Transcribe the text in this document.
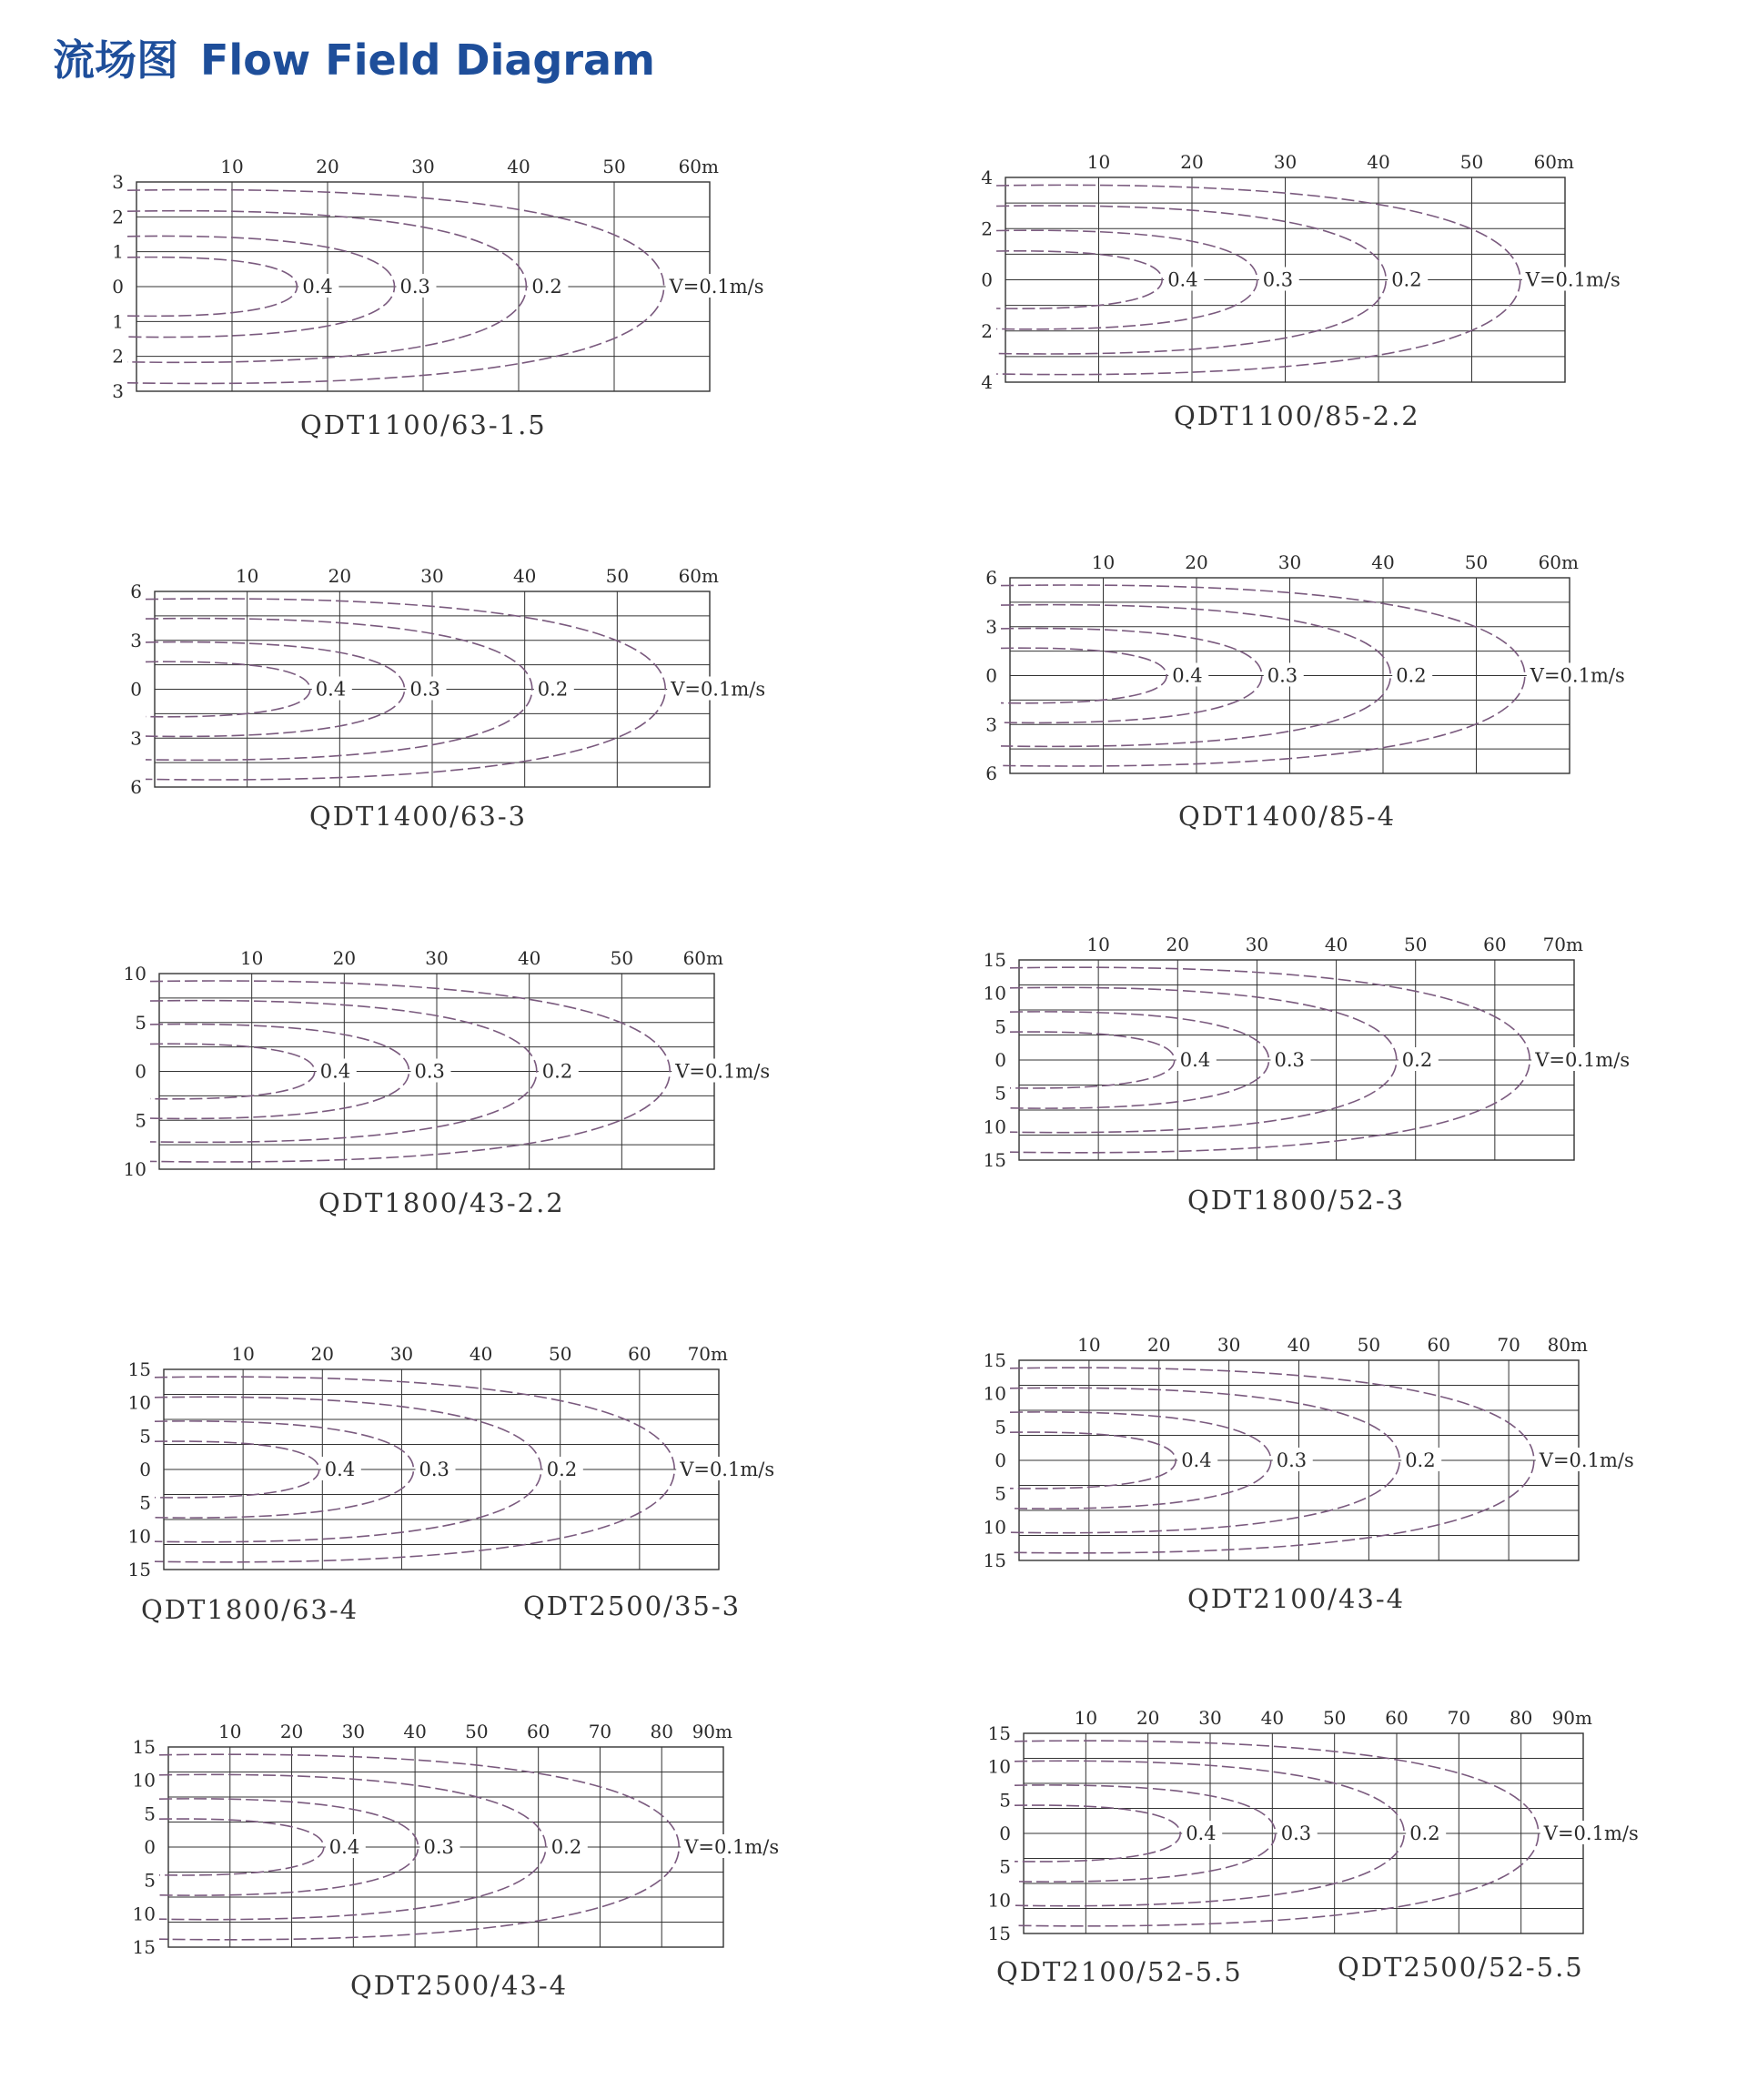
流场图 Flow Field Diagram
10	20	30	40	50	60m
3
2
1
0
1
2
3
0.4	0.3	0.2	V=0.1m/s
QDT1100/63-1.5
10	20	30	40	50	60m
4
2
0
2
4
0.4	0.3	0.2	V=0.1m/s
QDT1100/85-2.2
10	20	30	40	50	60m
6
3
0
3
6
0.4	0.3	0.2	V=0.1m/s
QDT1400/63-3
10	20	30	40	50	60m
6
3
0
3
6
0.4	0.3	0.2	V=0.1m/s
QDT1400/85-4
10	20	30	40	50	60m
10
5
0
5
10
0.4	0.3	0.2	V=0.1m/s
QDT1800/43-2.2
10	20	30	40	50	60 70m
15
10
5
0
5
10
15
0.4	0.3	0.2	V=0.1m/s
QDT1800/52-3
10	20	30	40	50	60 70m
15
10
5
0
5
10
15
0.4	0.3	0.2	V=0.1m/s
QDT1800/63-4	QDT2500/35-3
10	20	30	40	50	60	70 80m
15
10
5
0
5
10
15
0.4	0.3	0.2	V=0.1m/s
QDT2100/43-4
10 20 30 40 50 60 70 80 90m
15
10
5
0
5
10
15
0.4	0.3	0.2	V=0.1m/s
QDT2500/43-4
10 20 30 40 50 60 70 80 90m
15
10
5
0
5
10
15
0.4	0.3	0.2	V=0.1m/s
QDT2100/52-5.5	QDT2500/52-5.5
